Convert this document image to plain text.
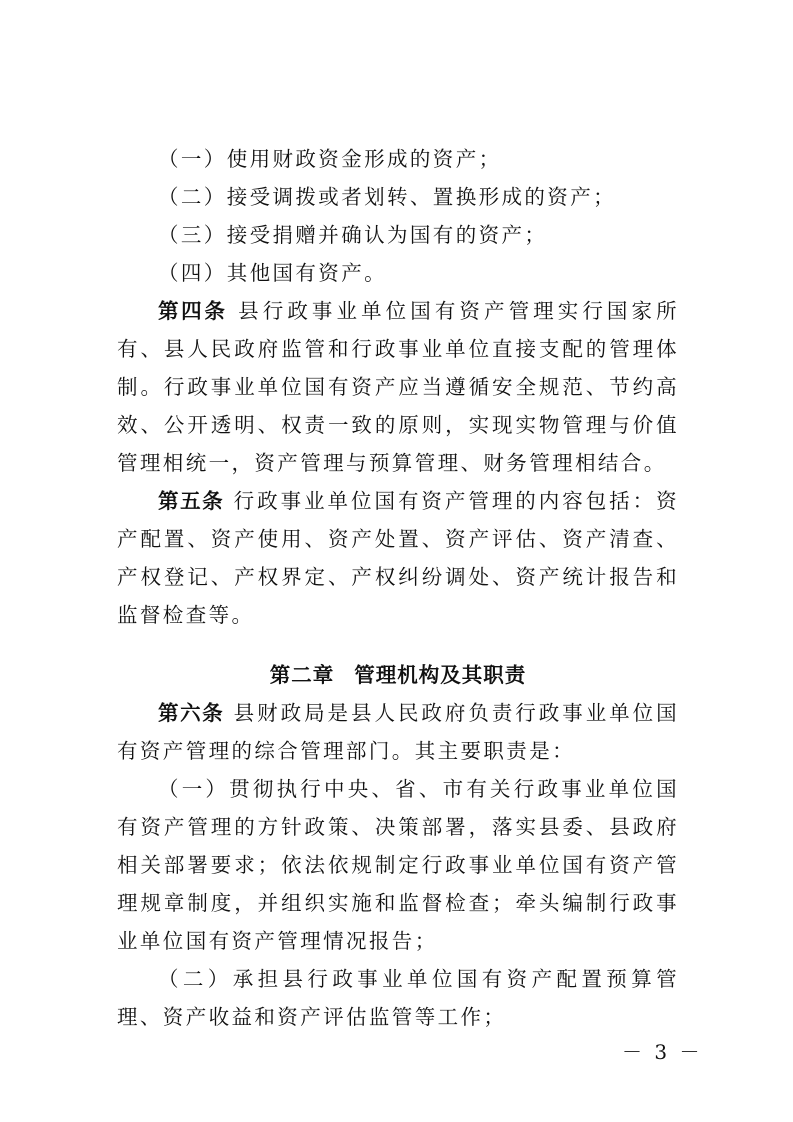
（一）使用财政资金形成的资产；

（二）接受调拨或者划转、置换形成的资产；

（三）接受捐赠并确认为国有的资产；

（四）其他国有资产。

第四条 县行政事业单位国有资产管理实行国家所有、县人民政府监管和行政事业单位直接支配的管理体制。行政事业单位国有资产应当遵循安全规范、节约高效、公开透明、权责一致的原则，实现实物管理与价值管理相统一，资产管理与预算管理、财务管理相结合。

第五条 行政事业单位国有资产管理的内容包括：资产配置、资产使用、资产处置、资产评估、资产清查、产权登记、产权界定、产权纠纷调处、资产统计报告和监督检查等。

第二章 管理机构及其职责

第六条 县财政局是县人民政府负责行政事业单位国有资产管理的综合管理部门。其主要职责是：

（一）贯彻执行中央、省、市有关行政事业单位国有资产管理的方针政策、决策部署，落实县委、县政府相关部署要求；依法依规制定行政事业单位国有资产管理规章制度，并组织实施和监督检查；牵头编制行政事业单位国有资产管理情况报告；

（二）承担县行政事业单位国有资产配置预算管理、资产收益和资产评估监管等工作；

－ 3 －
